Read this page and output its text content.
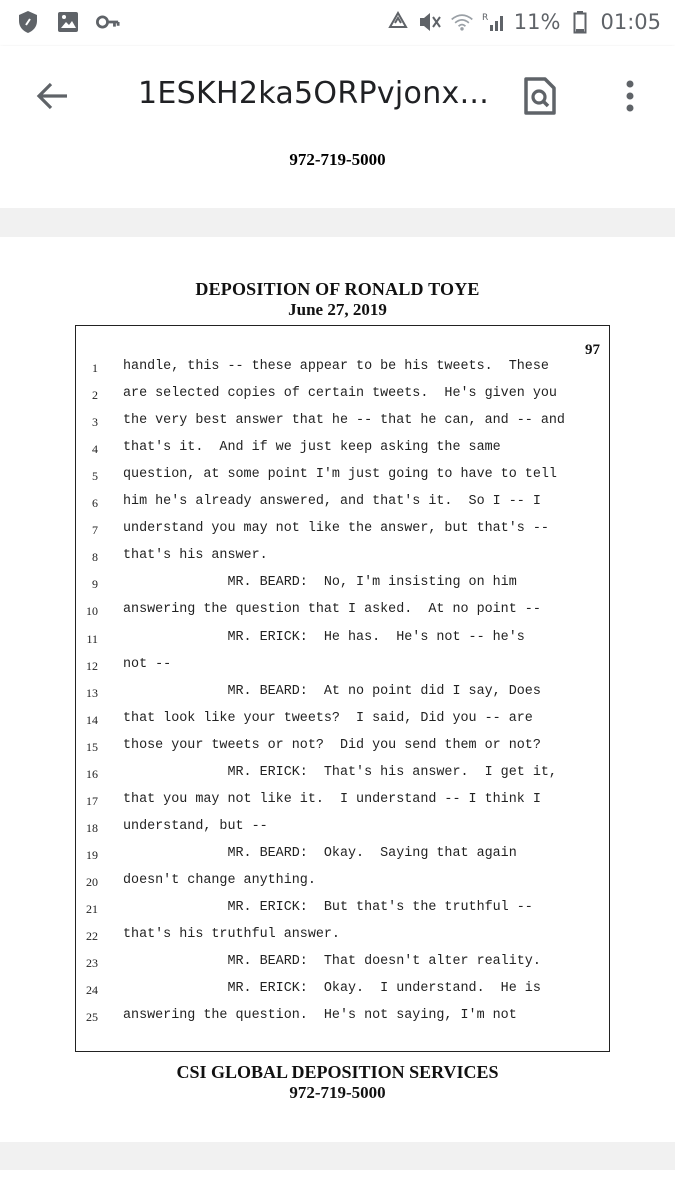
R 11% 01:05
1ESKH2ka5ORPvjonx...
972-719-5000
DEPOSITION OF RONALD TOYE
June 27, 2019
97
1 handle, this -- these appear to be his tweets.  These
2 are selected copies of certain tweets.  He's given you
3 the very best answer that he -- that he can, and -- and
4 that's it.  And if we just keep asking the same
5 question, at some point I'm just going to have to tell
6 him he's already answered, and that's it.  So I -- I
7 understand you may not like the answer, but that's --
8 that's his answer.
9 MR. BEARD:  No, I'm insisting on him
10 answering the question that I asked.  At no point --
11 MR. ERICK:  He has.  He's not -- he's
12 not --
13 MR. BEARD:  At no point did I say, Does
14 that look like your tweets?  I said, Did you -- are
15 those your tweets or not?  Did you send them or not?
16 MR. ERICK:  That's his answer.  I get it,
17 that you may not like it.  I understand -- I think I
18 understand, but --
19 MR. BEARD:  Okay.  Saying that again
20 doesn't change anything.
21 MR. ERICK:  But that's the truthful --
22 that's his truthful answer.
23 MR. BEARD:  That doesn't alter reality.
24 MR. ERICK:  Okay.  I understand.  He is
25 answering the question.  He's not saying, I'm not
CSI GLOBAL DEPOSITION SERVICES
972-719-5000
